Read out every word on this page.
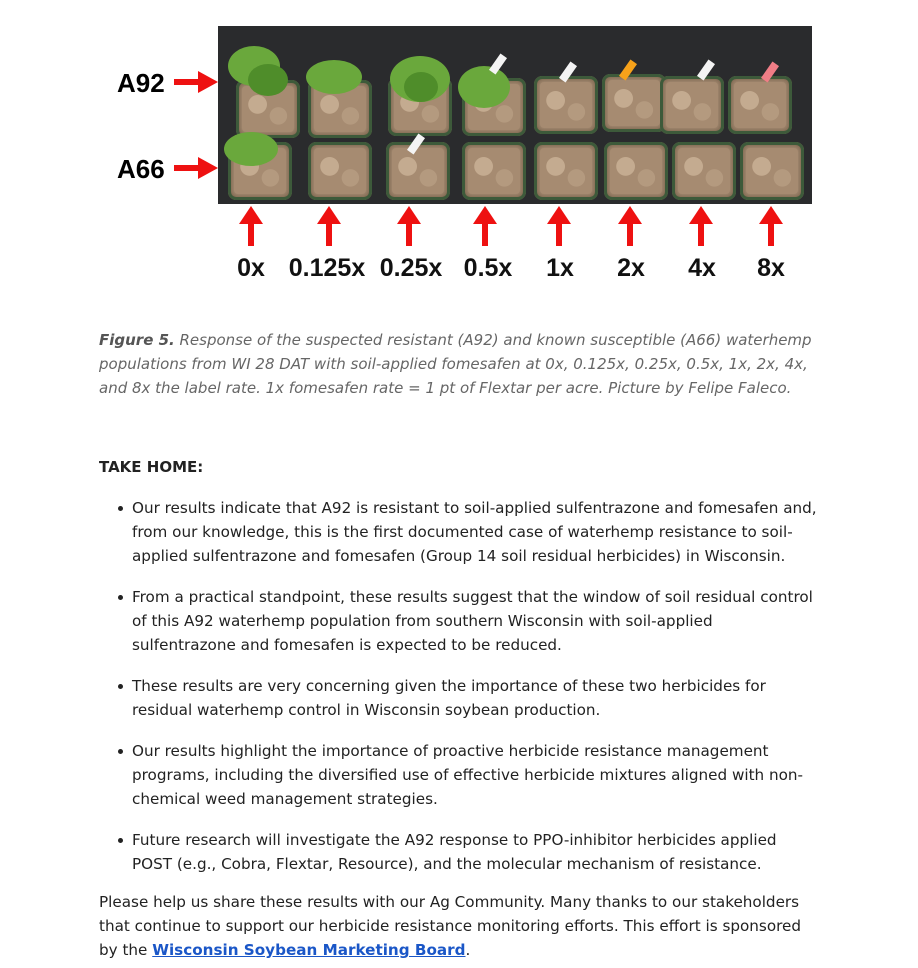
A92
A66
0x 0.125x 0.25x 0.5x 1x 2x 4x 8x

Figure 5. Response of the suspected resistant (A92) and known susceptible (A66) waterhemp populations from WI 28 DAT with soil-applied fomesafen at 0x, 0.125x, 0.25x, 0.5x, 1x, 2x, 4x, and 8x the label rate. 1x fomesafen rate = 1 pt of Flextar per acre. Picture by Felipe Faleco.

TAKE HOME:
Our results indicate that A92 is resistant to soil-applied sulfentrazone and fomesafen and, from our knowledge, this is the first documented case of waterhemp resistance to soil-applied sulfentrazone and fomesafen (Group 14 soil residual herbicides) in Wisconsin.
From a practical standpoint, these results suggest that the window of soil residual control of this A92 waterhemp population from southern Wisconsin with soil-applied sulfentrazone and fomesafen is expected to be reduced.
These results are very concerning given the importance of these two herbicides for residual waterhemp control in Wisconsin soybean production.
Our results highlight the importance of proactive herbicide resistance management programs, including the diversified use of effective herbicide mixtures aligned with non-chemical weed management strategies.
Future research will investigate the A92 response to PPO-inhibitor herbicides applied POST (e.g., Cobra, Flextar, Resource), and the molecular mechanism of resistance.

Please help us share these results with our Ag Community. Many thanks to our stakeholders that continue to support our herbicide resistance monitoring efforts. This effort is sponsored by the Wisconsin Soybean Marketing Board.
